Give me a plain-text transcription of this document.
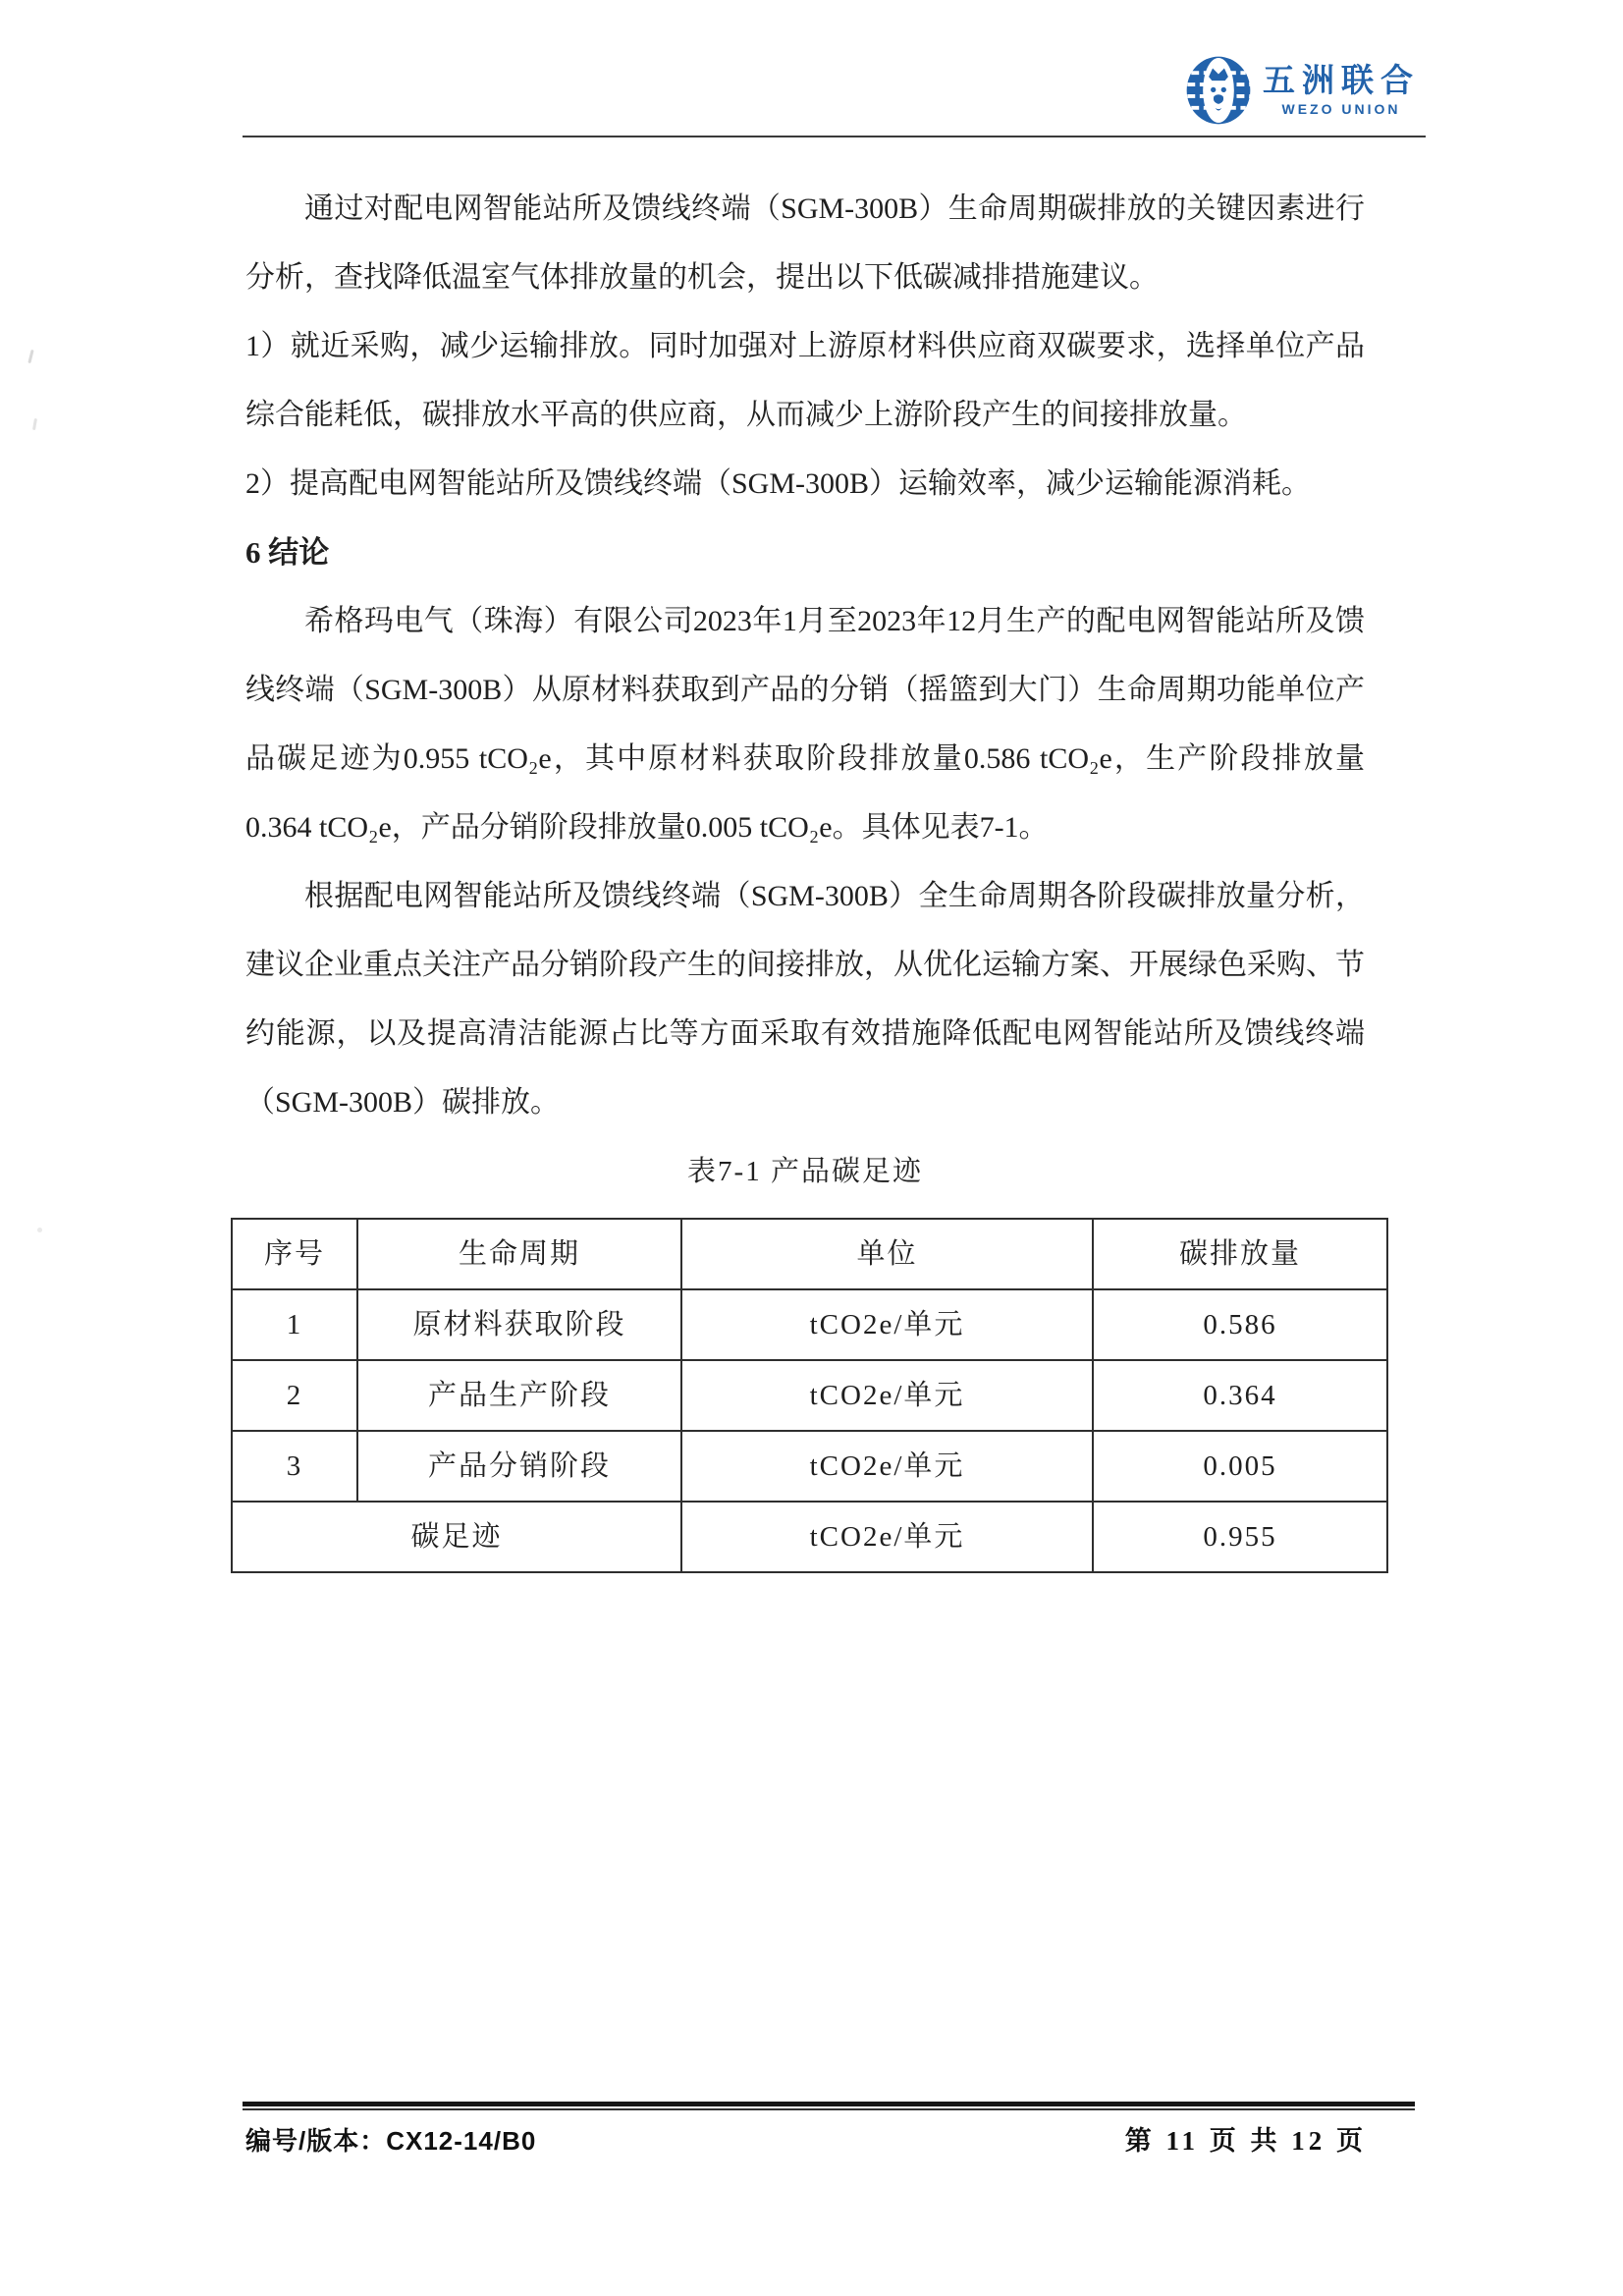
五洲联合
WEZO UNION

通过对配电网智能站所及馈线终端（SGM-300B）生命周期碳排放的关键因素进行分析，查找降低温室气体排放量的机会，提出以下低碳减排措施建议。

1）就近采购，减少运输排放。同时加强对上游原材料供应商双碳要求，选择单位产品综合能耗低，碳排放水平高的供应商，从而减少上游阶段产生的间接排放量。

2）提高配电网智能站所及馈线终端（SGM-300B）运输效率，减少运输能源消耗。

6 结论

希格玛电气（珠海）有限公司2023年1月至2023年12月生产的配电网智能站所及馈线终端（SGM-300B）从原材料获取到产品的分销（摇篮到大门）生命周期功能单位产品碳足迹为0.955 tCO₂e，其中原材料获取阶段排放量0.586 tCO₂e，生产阶段排放量0.364 tCO₂e，产品分销阶段排放量0.005 tCO₂e。具体见表7-1。

根据配电网智能站所及馈线终端（SGM-300B）全生命周期各阶段碳排放量分析，建议企业重点关注产品分销阶段产生的间接排放，从优化运输方案、开展绿色采购、节约能源，以及提高清洁能源占比等方面采取有效措施降低配电网智能站所及馈线终端（SGM-300B）碳排放。

表7-1 产品碳足迹

序号	生命周期	单位	碳排放量
1	原材料获取阶段	tCO2e/单元	0.586
2	产品生产阶段	tCO2e/单元	0.364
3	产品分销阶段	tCO2e/单元	0.005
碳足迹		tCO2e/单元	0.955
编号/版本：CX12-14/B0	第 11 页 共 12 页
